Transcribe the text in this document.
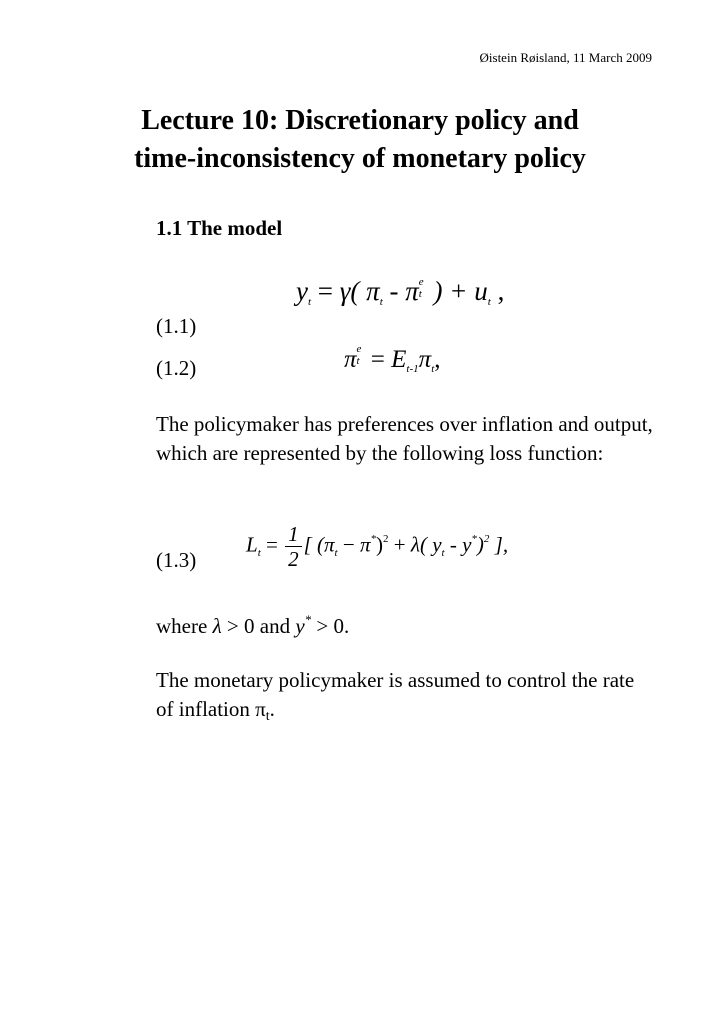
Øistein Røisland, 11 March 2009
Lecture 10: Discretionary policy and
time-inconsistency of monetary policy
1.1 The model
(1.1)
yt = γ( πt - π e
t ) + ut ,
(1.2)	π e
$t = E_{t-1}\pi_t$,
The policymaker has preferences over inflation and output, which are represented by the following loss function:
(1.3)
$L_t = \frac{1}{2}$ [ $(\pi_t - \pi^*)^2 + \lambda$( $y_t - y^*)^2$ ],
where λ > 0 and y* > 0.
The monetary policymaker is assumed to control the rate of inflation πt.
